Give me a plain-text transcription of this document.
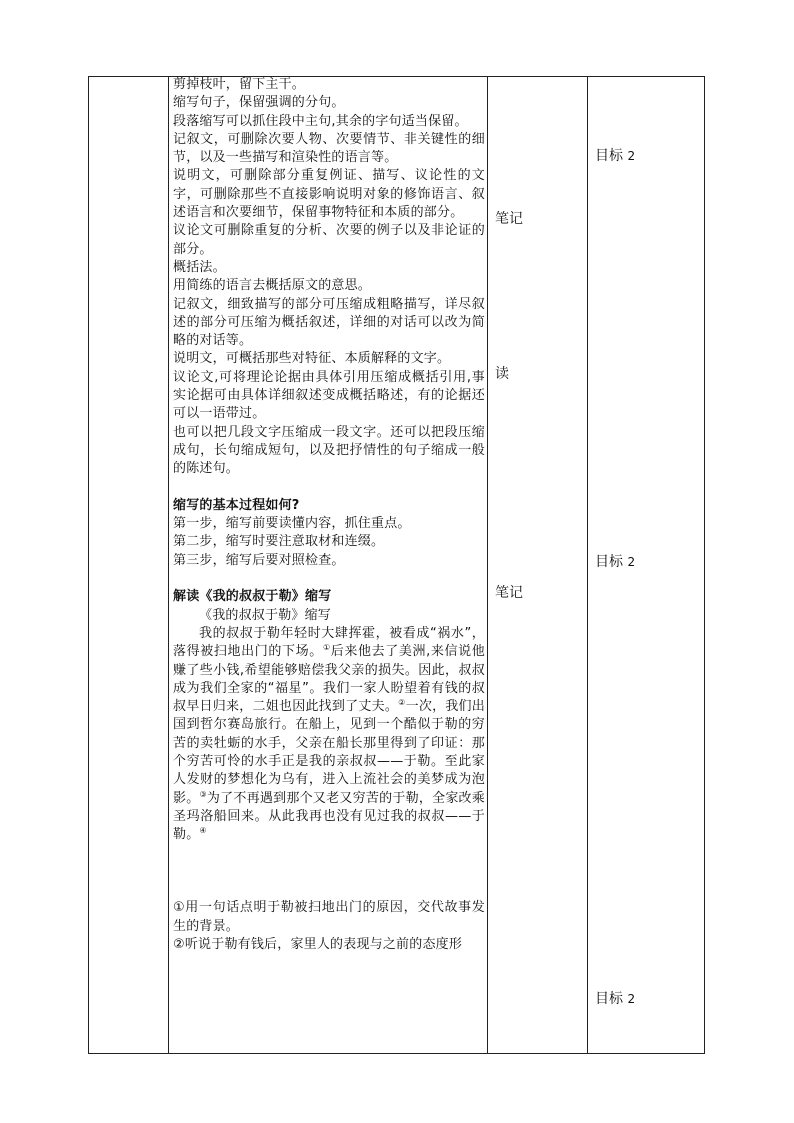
剪掉枝叶，留下主干。

缩写句子，保留强调的分句。

段落缩写可以抓住段中主句,其余的字句适当保留。

记叙文，可删除次要人物、次要情节、非关键性的细节，以及一些描写和渲染性的语言等。

说明文，可删除部分重复例证、描写、议论性的文字，可删除那些不直接影响说明对象的修饰语言、叙述语言和次要细节，保留事物特征和本质的部分。

议论文可删除重复的分析、次要的例子以及非论证的部分。

概括法。

用简练的语言去概括原文的意思。

记叙文，细致描写的部分可压缩成粗略描写，详尽叙述的部分可压缩为概括叙述，详细的对话可以改为简略的对话等。

说明文，可概括那些对特征、本质解释的文字。

议论文,可将理论论据由具体引用压缩成概括引用,事实论据可由具体详细叙述变成概括略述，有的论据还可以一语带过。

也可以把几段文字压缩成一段文字。还可以把段压缩成句，长句缩成短句，以及把抒情性的句子缩成一般的陈述句。

缩写的基本过程如何?

第一步，缩写前要读懂内容，抓住重点。

第二步，缩写时要注意取材和连缀。

第三步，缩写后要对照检查。

解读《我的叔叔于勒》缩写

《我的叔叔于勒》缩写

我的叔叔于勒年轻时大肆挥霍，被看成“祸水”，落得被扫地出门的下场。①后来他去了美洲,来信说他赚了些小钱,希望能够赔偿我父亲的损失。因此，叔叔成为我们全家的“福星”。我们一家人盼望着有钱的叔叔早日归来，二姐也因此找到了丈夫。②一次，我们出国到哲尔赛岛旅行。在船上，见到一个酷似于勒的穷苦的卖牡蛎的水手，父亲在船长那里得到了印证：那个穷苦可怜的水手正是我的亲叔叔——于勒。至此家人发财的梦想化为乌有，进入上流社会的美梦成为泡影。③为了不再遇到那个又老又穷苦的于勒，全家改乘圣玛洛船回来。从此我再也没有见过我的叔叔——于勒。④

①用一句话点明于勒被扫地出门的原因，交代故事发生的背景。

②听说于勒有钱后，家里人的表现与之前的态度形

笔记
读
笔记
目标 2
目标 2
目标 2
